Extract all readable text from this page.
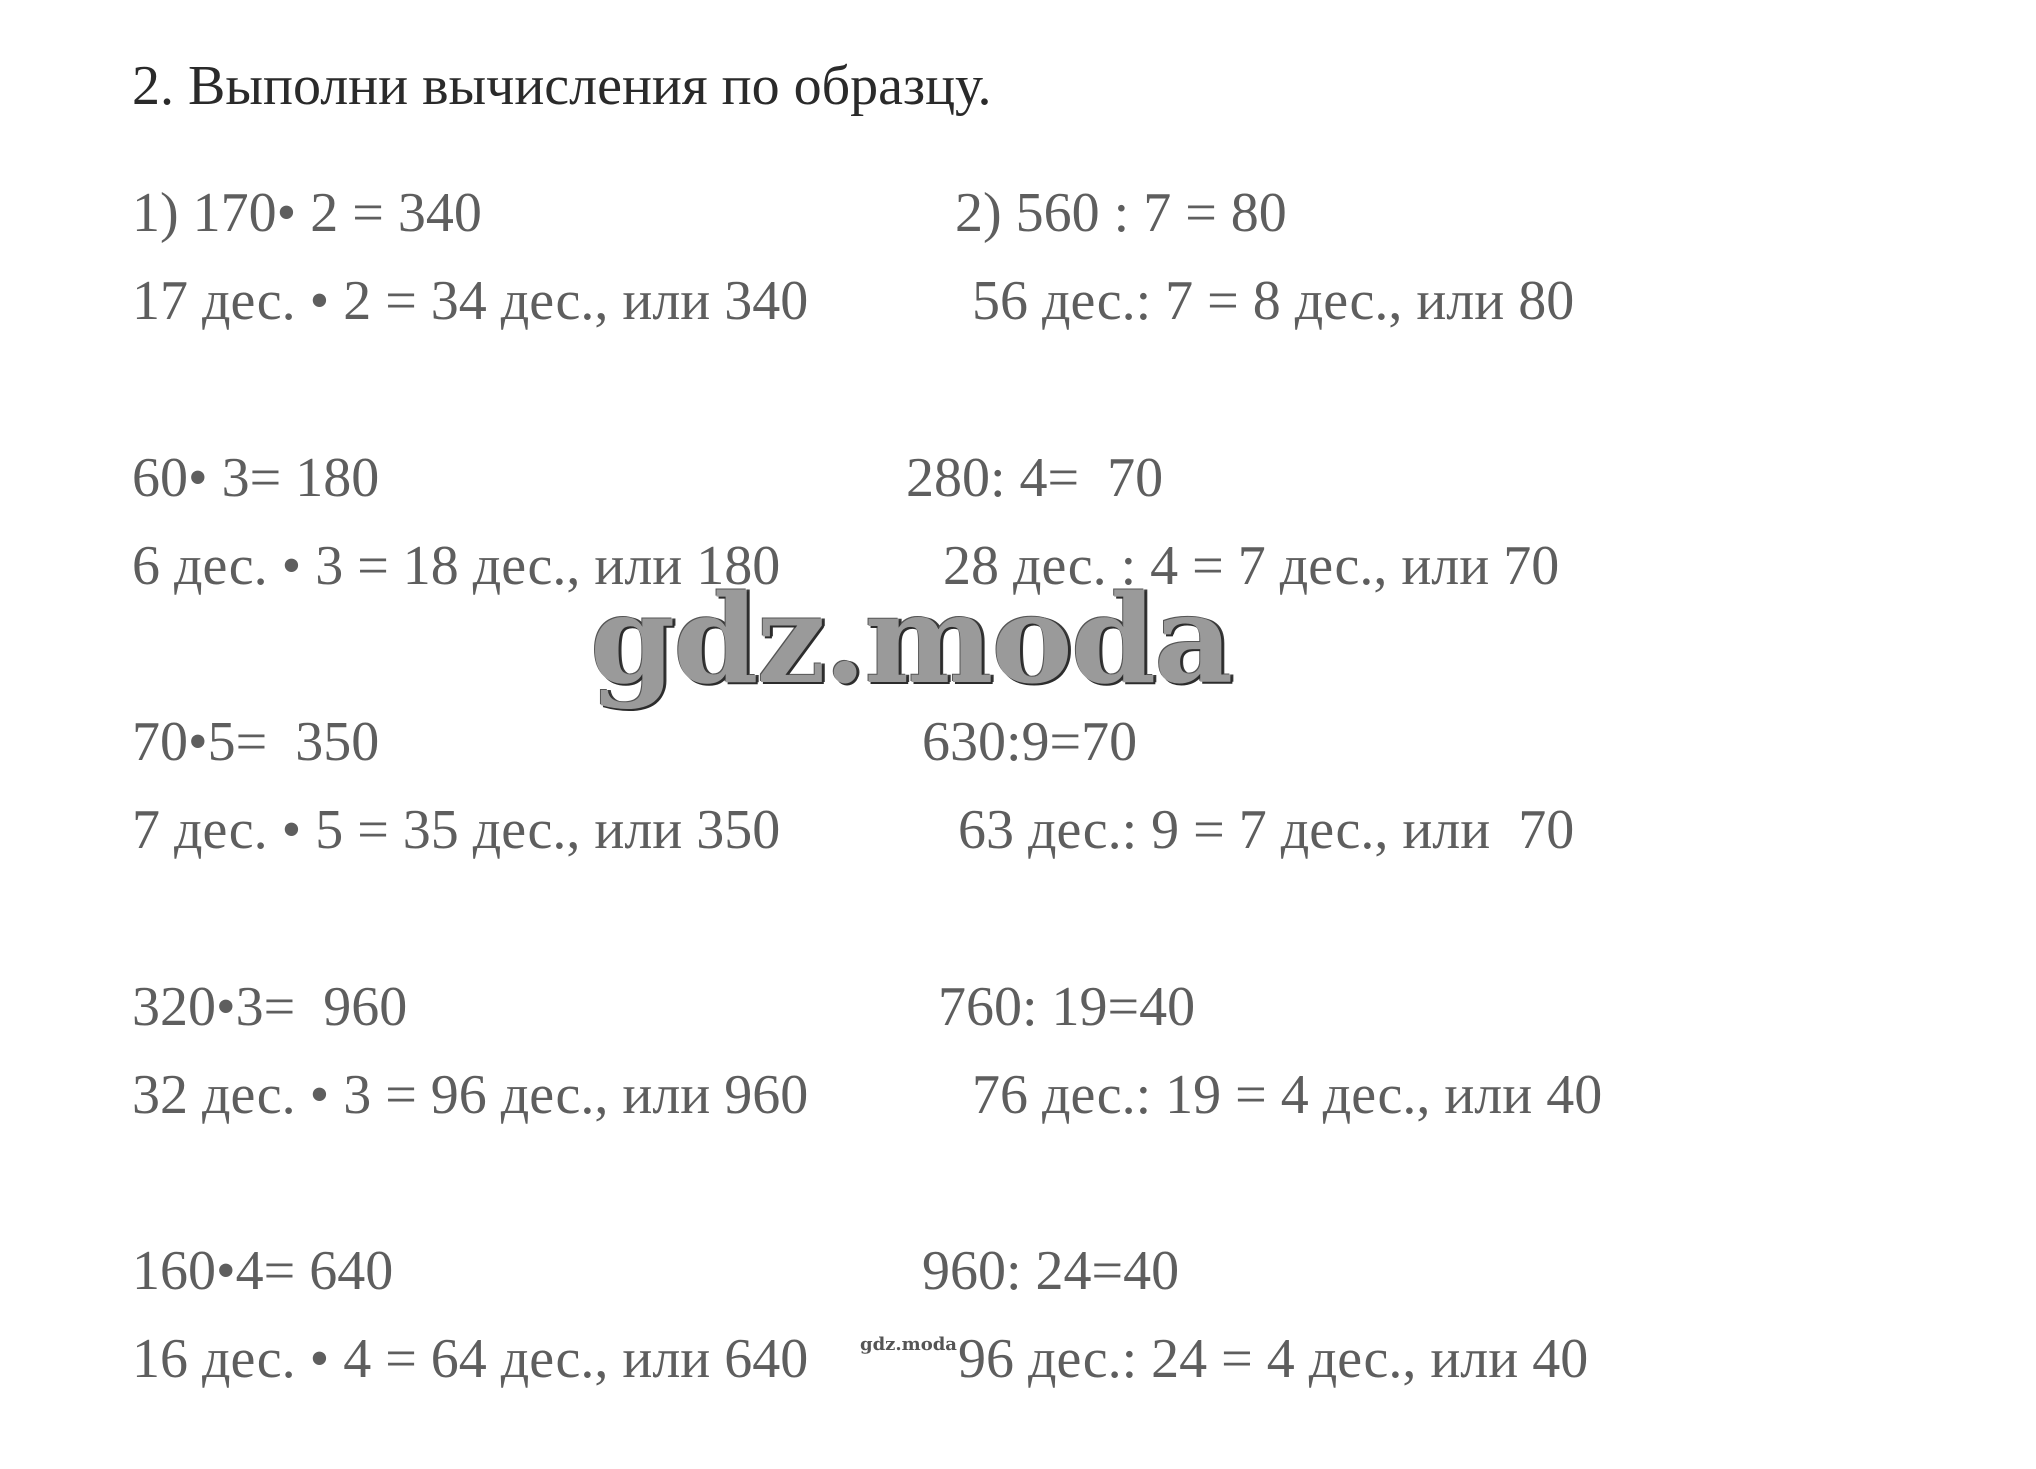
2. Выполни вычисления по образцу.
1) 170• 2 = 340	2) 560 : 7 = 80
17 дес. • 2 = 34 дес., или 340	56 дес.: 7 = 8 дес., или 80
60• 3= 180	280: 4=  70
6 дес. • 3 = 18 дес., или 180	28 дес. : 4 = 7 дес., или 70
70•5=  350	630:9=70
7 дес. • 5 = 35 дес., или 350	63 дес.: 9 = 7 дес., или  70
320•3=  960	760: 19=40
32 дес. • 3 = 96 дес., или 960	76 дес.: 19 = 4 дес., или 40
160•4= 640	960: 24=40
16 дес. • 4 = 64 дес., или 640	96 дес.: 24 = 4 дес., или 40
gdz.moda
gdz.moda
